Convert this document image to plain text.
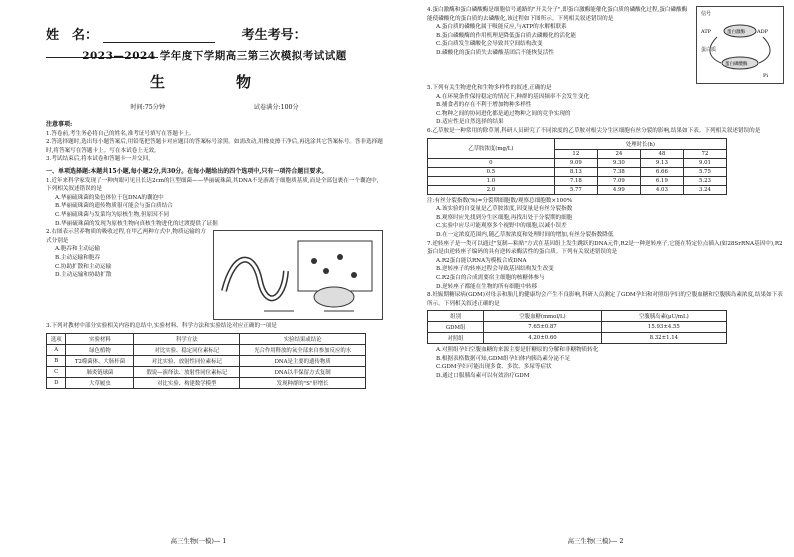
姓　名：	考生考号：
2023—2024 学年度下学期高三第三次模拟考试试题
生　物
时间:75分钟	试卷满分:100分

注意事项:

1.答卷前,考生务必将自己的姓名,准考证号填写在答题卡上。

2.答选择题时,选出每小题答案后,用铅笔把答题卡对应题目的答案标号涂黑。如需改动,用橡皮擦干净后,再选涂其它答案标号。答非选择题时,将答案写在答题卡上。写在本试卷上无效。

3.考试结束后,将本试卷和答题卡一并交回。

一、单项选择题:本题共15小题,每小题2分,共30分。在每小题给出的四个选项中,只有一项符合题目要求。

1.近年来科学家发现了一种肉眼可见且长达2cm的巨型细菌——华丽硫珠菌,其DNA不是游离于细胞质基质,而是全部包裹在一个囊泡中,下列相关叙述错误的是

A.华丽硫珠菌的染色体位于包DNA的囊泡中

B.华丽硫珠菌的遗传物质很可能会与蛋白质结合

C.华丽硫珠菌与发菜均为原核生物,但原因不同

D.华丽硫珠菌的发现为原核生物向真核生物进化的过渡提供了证据

2.右图表示营养物质的吸收过程,在甲乙两种方式中,物质运输的方式分别是

A.胞吞和主动运输

B.主动运输和胞吞

C.协助扩散和主动运输

D.主动运输和协助扩散

3.下列对教材中部分实验相关内容的总结中,实验材料、科学方法和实验结论对应正确的一项是

选项	实验材料	科学方法	实验结果或结论
A	绿色植物	对比实验、稳定同位素标记	光合作用释放的氧全部来自参加反应的水
B	T2噬菌体、大肠杆菌	对比实验、放射性同位素标记	DNA是主要的遗传物质
C	肺炎链球菌	假说—演绎法、放射性同位素标记	DNA以半保留方式复制
D	大草履虫	对比实验、构建数学模型	发现种群的"S"形增长
高三生物(一模)— 1
信号
ATP	ADP
蛋白激酶
蛋白磷酸酶
蛋白质
Pi

4.蛋白激酶和蛋白磷酸酶是细胞信号通路的"开关分子",即蛋白激酶能催化蛋白质的磷酸化过程,蛋白磷酸酶能使磷酸化的蛋白质的去磷酸化,该过程如下图所示。下列相关叙述错误的是

A.蛋白质的磷酸化属于吸能反应,与ATP的水解相联系

B.蛋白磷酸酶的作用机理是降低蛋白质去磷酸化的活化能

C.蛋白质发生磷酸化会导致其空间结构改变

D.磷酸化的蛋白质失去磷酸基团后不能恢复活性

5.下列有关生物进化和生物多样性的叙述,正确的是

A.在环境条件保持稳定的情况下,种群的基因频率不会发生变化

B.捕食者的存在不利于增加物种多样性

C.物种之间的协同进化都是通过物种之间的竞争实现的

D.适应性是自然选择的结果

6.乙草胺是一种常用的除草剂,科研人员研究了不同浓度的乙草胺对根尖分生区细胞有丝分裂的影响,结果如下表。下列相关叙述错误的是

乙草胺浓度(mg/L)	处理时长(h)			
	12	24	48	72
0	9.09	9.30	9.13	9.01
0.5	8.13	7.38	6.66	5.75
1.0	7.18	7.09	6.19	5.23
2.0	5.77	4.99	4.03	3.24

注:有丝分裂指数(%)=分裂期细胞数/观察总细胞数×100%

A.该实验的自变量是乙草胺浓度,因变量是有丝分裂指数

B.观察时应先找到分生区细胞,再找出处于分裂期的细胞

C.实验中应尽可能观察多个视野中的细胞,以减小误差

D.在一定浓度范围内,随乙草胺浓度和处理时间的增加,有丝分裂指数降低

7.逆转座子是一类可以通过"复制—粘贴"方式在基因组上发生跳跃的DNA元件,R2是一种逆转座子,它能在特定位点插入(如28SrRNA基因中),R2蛋白是由逆转座子编码的具有逆转录酶活性的蛋白质。下列有关叙述错误的是

A.R2蛋白能以RNA为模板合成DNA

B.逆转座子的转座过程会导致基因结构发生改变

C.R2蛋白的合成需要宿主细胞的核糖体参与

D.逆转座子都能在生物的所有细胞中转移

8.妊娠期糖尿病(GDM)对母亲和胎儿的健康均会产生不良影响,科研人员测定了GDM孕妇和对照组孕妇的空腹血糖和空腹胰岛素浓度,结果如下表所示。下列相关叙述正确的是

组别	空腹血糖(mmol/L)	空腹胰岛素(μU/mL)
GDM组	7.65±0.87	15.93±4.55
对照组	4.20±0.60	8.32±1.14

A.对照组孕妇空腹血糖的来源主要是肝糖原的分解和非糖物质转化

B.根据表格数据可知,GDM组孕妇体内胰岛素分泌不足

C.GDM孕妇可能出现多食、多饮、多尿等症状

D.通过口服胰岛素可以有效治疗GDM

高三生物(三模)— 2
